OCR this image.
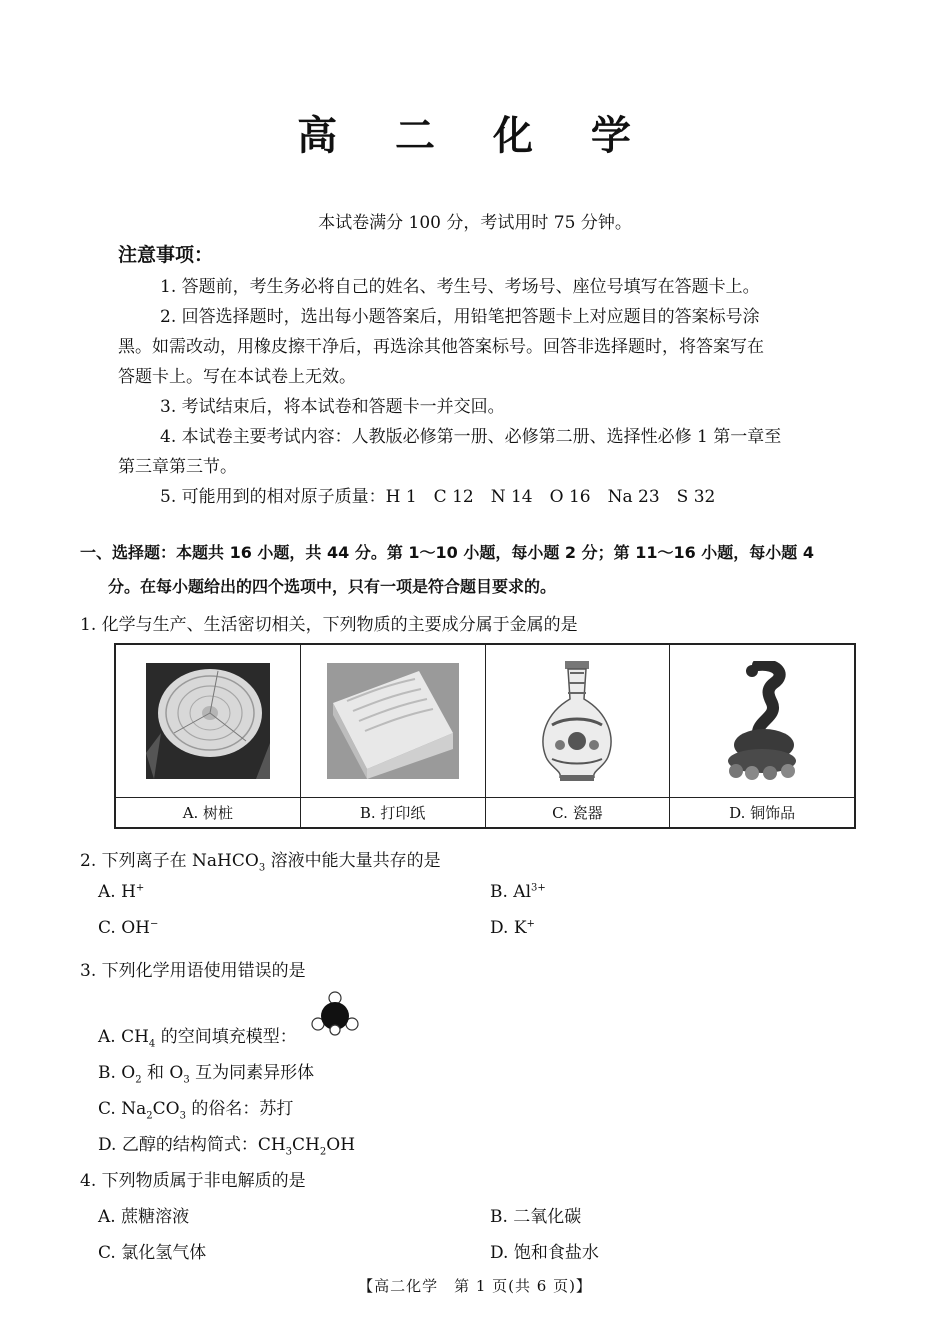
高 二 化 学
本试卷满分 100 分，考试用时 75 分钟。
注意事项：
1. 答题前，考生务必将自己的姓名、考生号、考场号、座位号填写在答题卡上。
2. 回答选择题时，选出每小题答案后，用铅笔把答题卡上对应题目的答案标号涂
黑。如需改动，用橡皮擦干净后，再选涂其他答案标号。回答非选择题时，将答案写在
答题卡上。写在本试卷上无效。
3. 考试结束后，将本试卷和答题卡一并交回。
4. 本试卷主要考试内容：人教版必修第一册、必修第二册、选择性必修 1 第一章至
第三章第三节。
5. 可能用到的相对原子质量：H 1　C 12　N 14　O 16　Na 23　S 32
一、选择题：本题共 16 小题，共 44 分。第 1～10 小题，每小题 2 分；第 11～16 小题，每小题 4
分。在每小题给出的四个选项中，只有一项是符合题目要求的。
1. 化学与生产、生活密切相关，下列物质的主要成分属于金属的是
A. 树桩	B. 打印纸	C. 瓷器	D. 铜饰品
2. 下列离子在 NaHCO$_3$ 溶液中能大量共存的是
A. H+	B. $Al^{3+}$
C. OH−	D. K+
3. 下列化学用语使用错误的是
A. $CH_4$ 的空间填充模型：
B. $O_2$ 和 $O_3$ 互为同素异形体
C. $Na_2CO_3$ 的俗名：苏打
D. 乙醇的结构简式：$CH_3CH_2OH$
4. 下列物质属于非电解质的是
A. 蔗糖溶液	B. 二氧化碳
C. 氯化氢气体	D. 饱和食盐水
【高二化学　第 1 页(共 6 页)】
